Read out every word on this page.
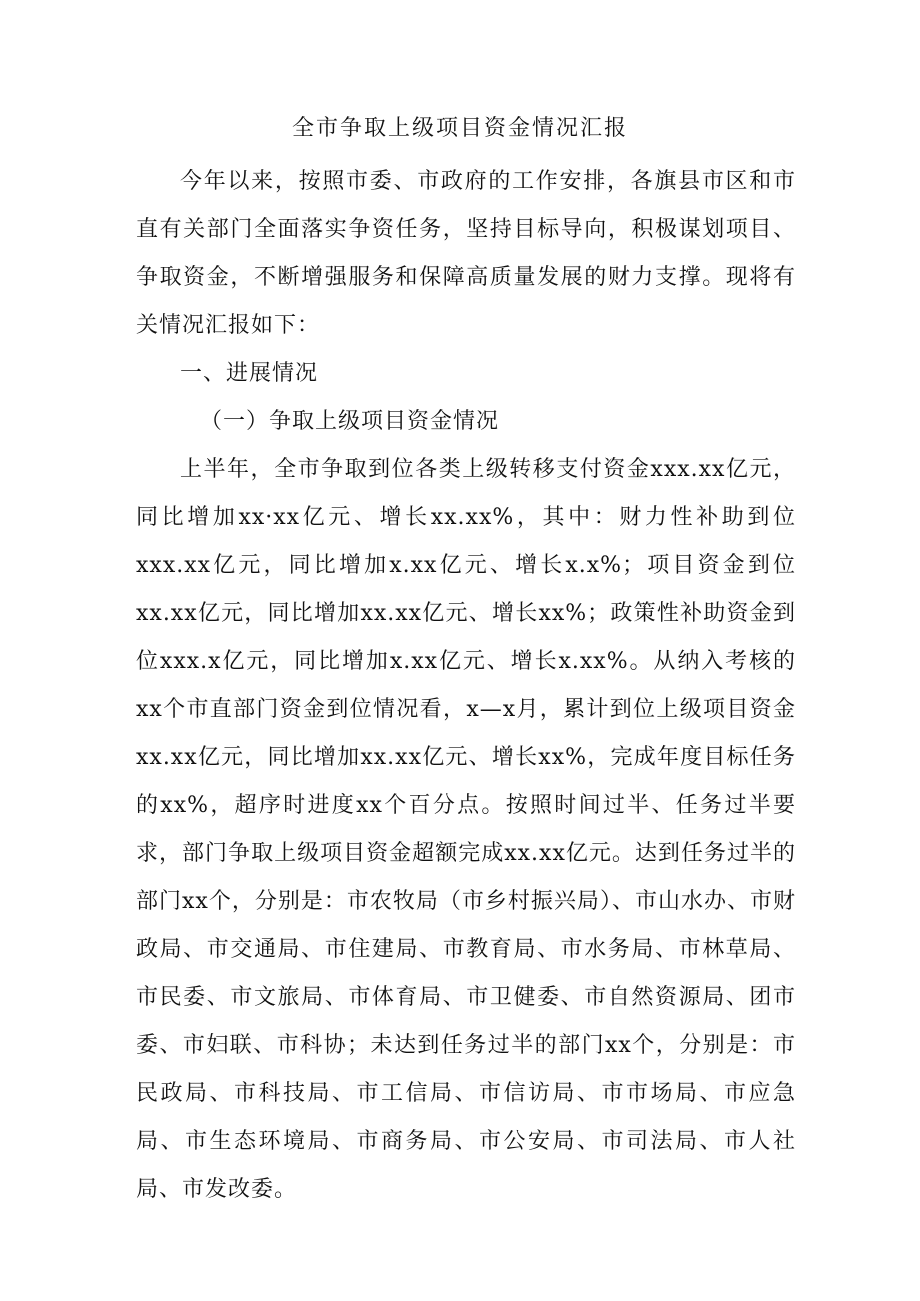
全市争取上级项目资金情况汇报

今年以来，按照市委、市政府的工作安排，各旗县市区和市直有关部门全面落实争资任务，坚持目标导向，积极谋划项目、争取资金，不断增强服务和保障高质量发展的财力支撑。现将有关情况汇报如下：

一、进展情况

（一）争取上级项目资金情况

上半年，全市争取到位各类上级转移支付资金xxx.xx亿元，同比增加xx·xx亿元、增长xx.xx%，其中：财力性补助到位xxx.xx亿元，同比增加x.xx亿元、增长x.x%；项目资金到位xx.xx亿元，同比增加xx.xx亿元、增长xx%；政策性补助资金到位xxx.x亿元，同比增加x.xx亿元、增长x.xx%。从纳入考核的xx个市直部门资金到位情况看，x—x月，累计到位上级项目资金xx.xx亿元，同比增加xx.xx亿元、增长xx%，完成年度目标任务的xx%，超序时进度xx个百分点。按照时间过半、任务过半要求，部门争取上级项目资金超额完成xx.xx亿元。达到任务过半的部门xx个，分别是：市农牧局（市乡村振兴局）、市山水办、市财政局、市交通局、市住建局、市教育局、市水务局、市林草局、市民委、市文旅局、市体育局、市卫健委、市自然资源局、团市委、市妇联、市科协；未达到任务过半的部门xx个，分别是：市民政局、市科技局、市工信局、市信访局、市市场局、市应急局、市生态环境局、市商务局、市公安局、市司法局、市人社局、市发改委。
